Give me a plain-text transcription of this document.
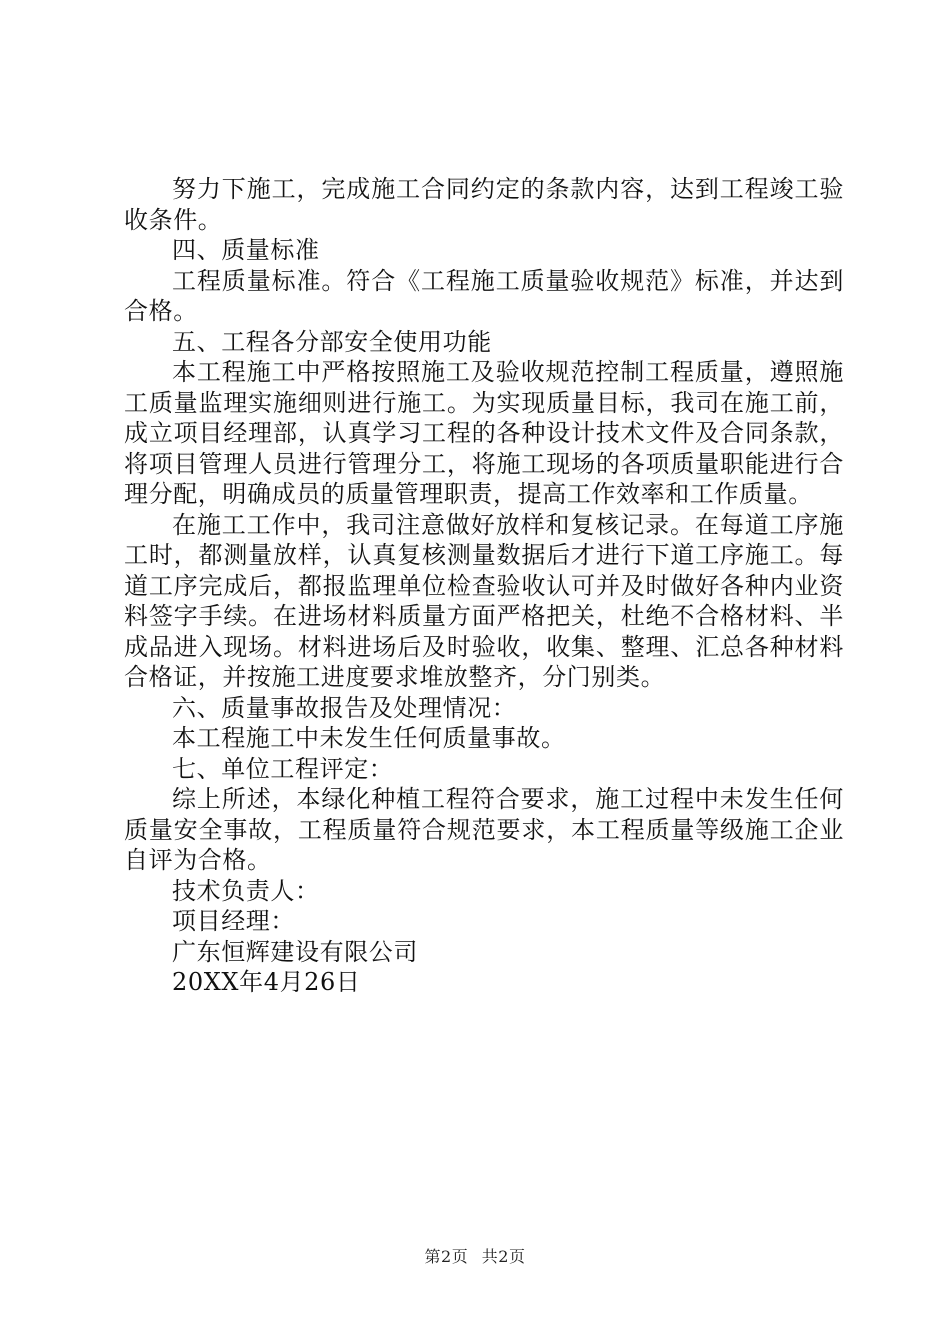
努力下施工，完成施工合同约定的条款内容，达到工程竣工验收条件。

四、质量标准

工程质量标准。符合《工程施工质量验收规范》标准，并达到合格。

五、工程各分部安全使用功能

本工程施工中严格按照施工及验收规范控制工程质量，遵照施工质量监理实施细则进行施工。为实现质量目标，我司在施工前，成立项目经理部，认真学习工程的各种设计技术文件及合同条款，将项目管理人员进行管理分工，将施工现场的各项质量职能进行合理分配，明确成员的质量管理职责，提高工作效率和工作质量。

在施工工作中，我司注意做好放样和复核记录。在每道工序施工时，都测量放样，认真复核测量数据后才进行下道工序施工。每道工序完成后，都报监理单位检查验收认可并及时做好各种内业资料签字手续。在进场材料质量方面严格把关，杜绝不合格材料、半成品进入现场。材料进场后及时验收，收集、整理、汇总各种材料合格证，并按施工进度要求堆放整齐，分门别类。

六、质量事故报告及处理情况：

本工程施工中未发生任何质量事故。

七、单位工程评定：

综上所述，本绿化种植工程符合要求，施工过程中未发生任何质量安全事故，工程质量符合规范要求，本工程质量等级施工企业自评为合格。

技术负责人：

项目经理：

广东恒辉建设有限公司

20XX年4月26日

第2页 共2页
